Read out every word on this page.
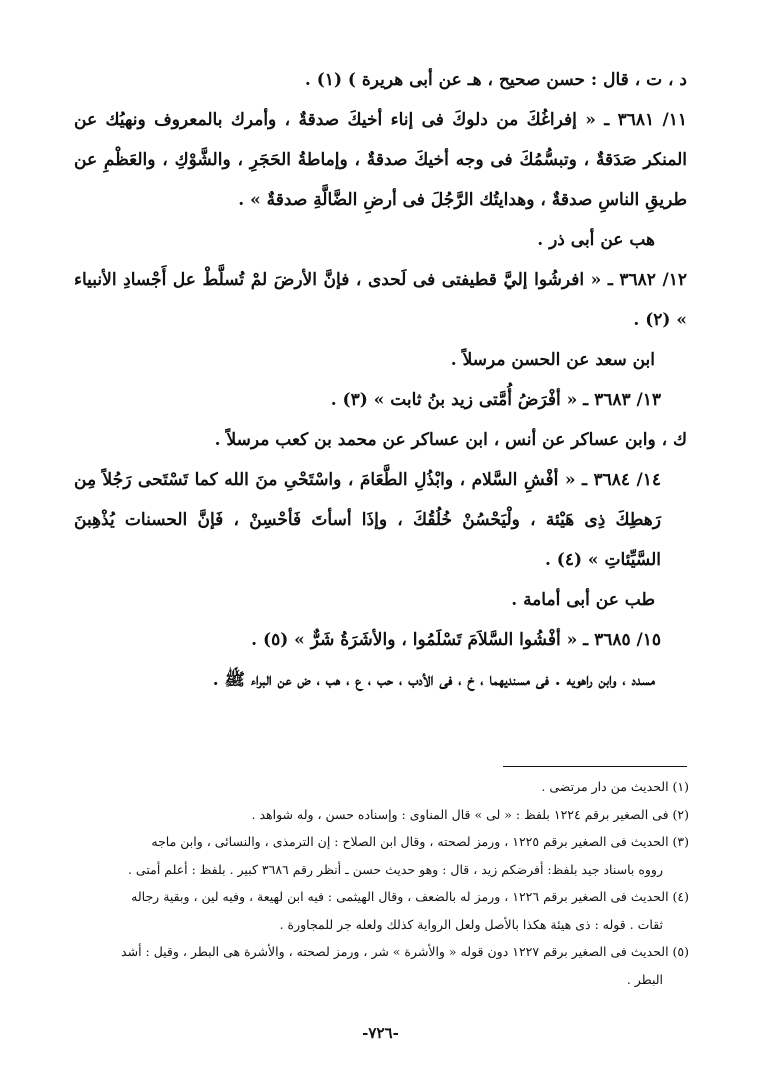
د ، ت ، قال : حسن صحيح ، هـ عن أبى هريرة ) (١) .

١١/ ٣٦٨١ ـ « إفراغُكَ من دلوكَ فى إناء أخيكَ صدقةٌ ، وأمرك بالمعروف ونهيُك عن المنكر صَدَقةٌ ، وتبسُّمُكَ فى وجه أخيكَ صدقةٌ ، وإماطةُ الحَجَرِ ، والشَّوْكِ ، والعَظْمِ عن طريقِ الناسِ صدقةٌ ، وهدايتُك الرَّجُلَ فى أرضِ الضَّالَّةِ صدقةٌ » .

هب عن أبى ذر .

١٢/ ٣٦٨٢ ـ « افرشُوا إليَّ قطيفتى فى لَحدى ، فإنَّ الأرضَ لمْ تُسلَّطْ عل أَجْسادِ الأنبياء » (٢) .

ابن سعد عن الحسن مرسلاً .

١٣/ ٣٦٨٣ ـ « أفْرَضُ أُمَّتى زيد بنُ ثابت » (٣) .

ك ، وابن عساكر عن أنس ، ابن عساكر عن محمد بن كعب مرسلاً .

١٤/ ٣٦٨٤ ـ « أفْشِ السَّلام ، وابْذُلِ الطَّعَامَ ، واسْتَحْىِ منَ الله كما تَسْتَحى رَجُلاً مِن رَهطِكَ ذِى هَيْئة ، ولْيَحْسُنْ خُلُقُكَ ، وإذَا أسأتَ فَأحْسِنْ ، فَإنَّ الحسنات يُذْهِبنَ السَّيِّئاتِ » (٤) .

طب عن أبى أمامة .

١٥/ ٣٦٨٥ ـ « أفْشُوا السَّلاَمَ تَسْلَمُوا ، والأشَرَةُ شَرٌّ » (٥) .

مسدد ، وابن راهويه . فى مسنديهما ، خ ، فى الأدب ، حب ، ع ، هب ، ض عن البراء ﷺ .

(١) الحديث من دار مرتضى .

(٢) فى الصغير برقم ١٢٢٤ بلفظ : « لى » قال المناوى : وإسناده حسن ، وله شواهد .

(٣) الحديث فى الصغير برقم ١٢٢٥ ، ورمز لصحته ، وقال ابن الصلاح : إن الترمذى ، والنسائى ، وابن ماجه

رووه باسناد جيد بلفظ: أفرضكم زيد ، قال : وهو حديث حسن ـ أنظر رقم ٣٦٨٦ كبير . بلفظ : أعلم أمتى .

(٤) الحديث فى الصغير برقم ١٢٢٦ ، ورمز له بالضعف ، وقال الهيثمى : فيه ابن لهيعة ، وفيه لين ، وبقية رجاله

ثقات . قوله : ذى هيئة هكذا بالأصل ولعل الرواية كذلك ولعله جر للمجاورة .

(٥) الحديث فى الصغير برقم ١٢٢٧ دون قوله « والأشرة » شر ، ورمز لصحته ، والأشرة هى البطر ، وقيل : أشد

البطر .

-٧٢٦-
